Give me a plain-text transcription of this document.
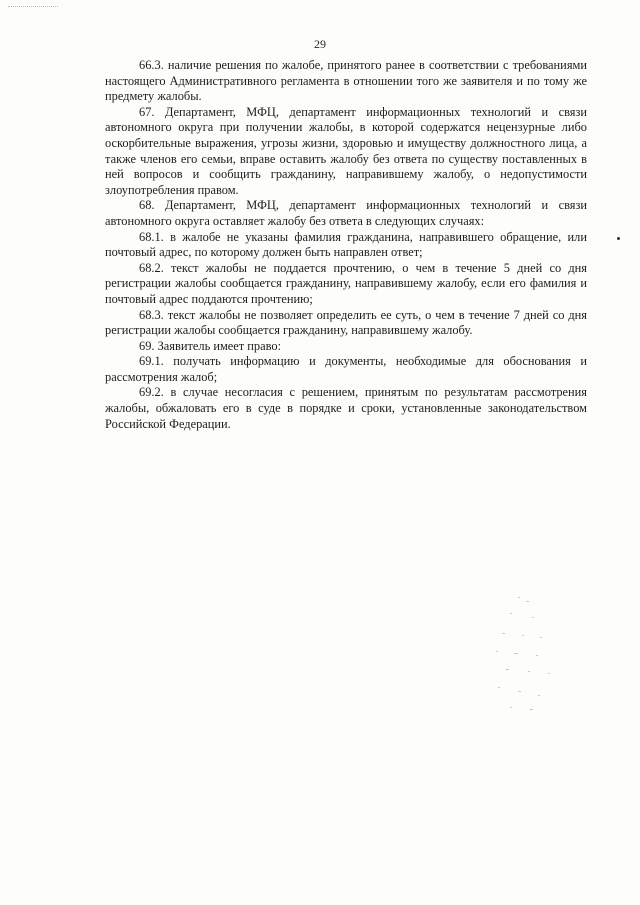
29

66.3. наличие решения по жалобе, принятого ранее в соответствии с требованиями настоящего Административного регламента в отношении того же заявителя и по тому же предмету жалобы.

67. Департамент, МФЦ, департамент информационных технологий и связи автономного округа при получении жалобы, в которой содержатся нецензурные либо оскорбительные выражения, угрозы жизни, здоровью и имуществу должностного лица, а также членов его семьи, вправе оставить жалобу без ответа по существу поставленных в ней вопросов и сообщить гражданину, направившему жалобу, о недопустимости злоупотребления правом.

68. Департамент, МФЦ, департамент информационных технологий и связи автономного округа оставляет жалобу без ответа в следующих случаях:

68.1. в жалобе не указаны фамилия гражданина, направившего обращение, или почтовый адрес, по которому должен быть направлен ответ;

68.2. текст жалобы не поддается прочтению, о чем в течение 5 дней со дня регистрации жалобы сообщается гражданину, направившему жалобу, если его фамилия и почтовый адрес поддаются прочтению;

68.3. текст жалобы не позволяет определить ее суть, о чем в течение 7 дней со дня регистрации жалобы сообщается гражданину, направившему жалобу.

69. Заявитель имеет право:

69.1. получать информацию и документы, необходимые для обоснования и рассмотрения жалоб;

69.2. в случае несогласия с решением, принятым по результатам рассмотрения жалобы, обжаловать его в суде в порядке и сроки, установленные законодательством Российской Федерации.
